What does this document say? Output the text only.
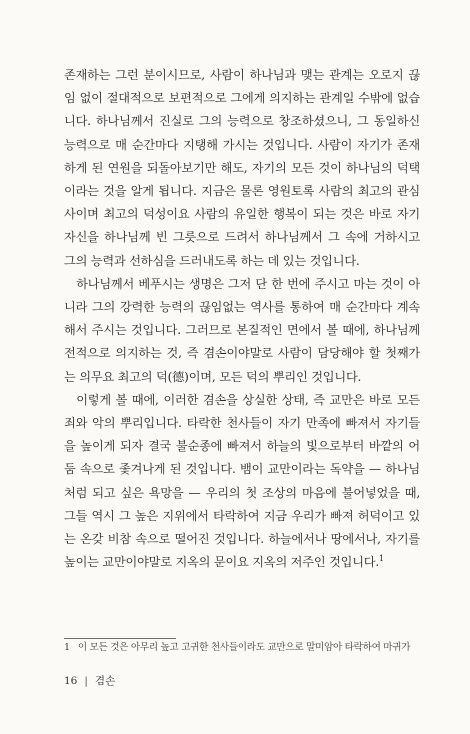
존재하는 그런 분이시므로, 사람이 하나님과 맺는 관계는 오로지 끊임 없이 절대적으로 보편적으로 그에게 의지하는 관계일 수밖에 없습니다. 하나님께서 진실로 그의 능력으로 창조하셨으니, 그 동일하신 능력으로 매 순간마다 지탱해 가시는 것입니다. 사람이 자기가 존재하게 된 연원을 되돌아보기만 해도, 자기의 모든 것이 하나님의 덕택이라는 것을 알게 됩니다. 지금은 물론 영원토록 사람의 최고의 관심사이며 최고의 덕성이요 사람의 유일한 행복이 되는 것은 바로 자기 자신을 하나님께 빈 그릇으로 드려서 하나님께서 그 속에 거하시고 그의 능력과 선하심을 드러내도록 하는 데 있는 것입니다.

하나님께서 베푸시는 생명은 그저 단 한 번에 주시고 마는 것이 아니라 그의 강력한 능력의 끊임없는 역사를 통하여 매 순간마다 계속해서 주시는 것입니다. 그러므로 본질적인 면에서 볼 때에, 하나님께 전적으로 의지하는 것, 즉 겸손이야말로 사람이 담당해야 할 첫째가는 의무요 최고의 덕(德)이며, 모든 덕의 뿌리인 것입니다.

이렇게 볼 때에, 이러한 겸손을 상실한 상태, 즉 교만은 바로 모든 죄와 악의 뿌리입니다. 타락한 천사들이 자기 만족에 빠져서 자기들을 높이게 되자 결국 불순종에 빠져서 하늘의 빛으로부터 바깥의 어둠 속으로 좇겨나게 된 것입니다. 뱀이 교만이라는 독약을 — 하나님처럼 되고 싶은 욕망을 — 우리의 첫 조상의 마음에 불어넣었을 때, 그들 역시 그 높은 지위에서 타락하여 지금 우리가 빠져 허덕이고 있는 온갖 비참 속으로 떨어진 것입니다. 하늘에서나 땅에서나, 자기를 높이는 교만이야말로 지옥의 문이요 지옥의 저주인 것입니다.$^1$

1 이 모든 것은 아무리 높고 고귀한 천사들이라도 교만으로 말미암아 타락하여 마귀가
16 | 겸손
